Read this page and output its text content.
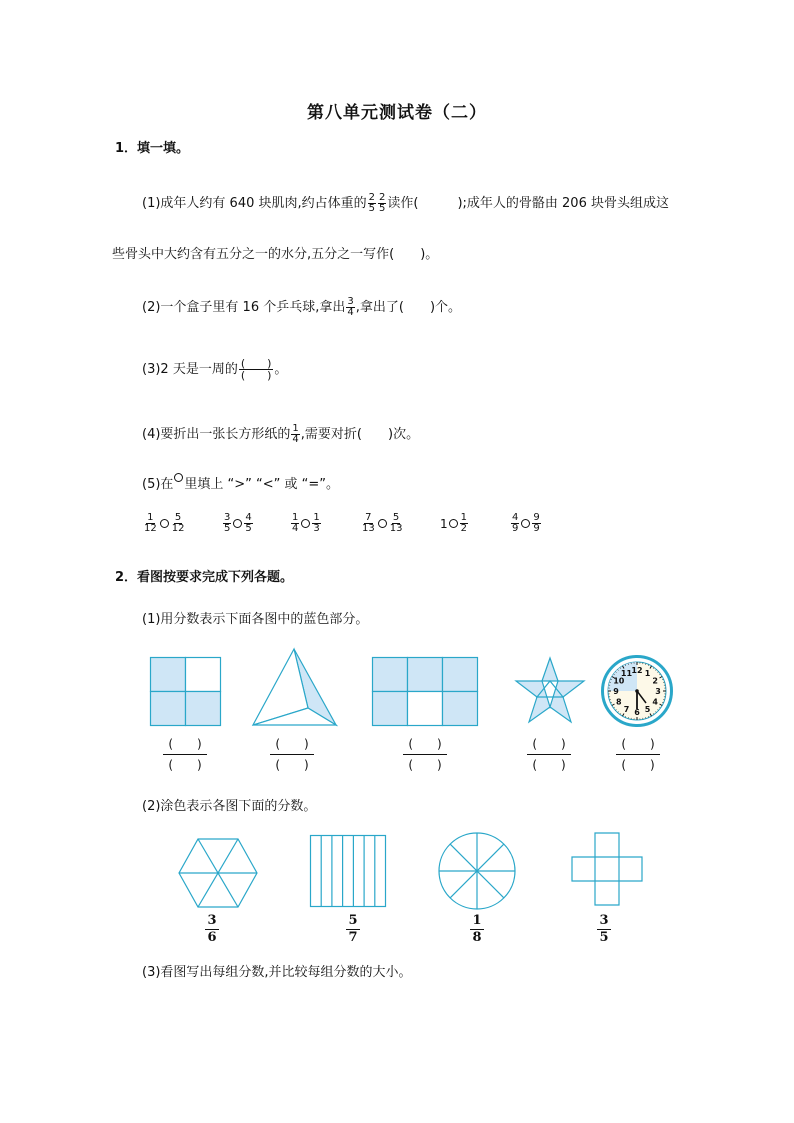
第八单元测试卷（二）
1．填一填。
(1)成年人约有 640 块肌肉,约占体重的 $\frac{2}{5} \frac{2}{5}$ 读作(　　　);成年人的骨骼由 206 块骨头组成这
些骨头中大约含有五分之一的水分,五分之一写作(　　)。
(2)一个盒子里有 16 个乒乓球,拿出 $\frac{3}{4}$ ,拿出了(　　)个。
(3)2 天是一周的 $\frac{( )}{( )}$ 。
(4)要折出一张长方形纸的 $\frac{1}{4}$ ,需要对折(　　)次。
(5)在 里填上 “>” “<” 或 “=”。
$\frac{1}{12} \frac{5}{12}$	$\frac{3}{5} \frac{4}{5}$	$\frac{1}{4} \frac{1}{3}$	$\frac{7}{13} \frac{5}{13}$	$1 \frac{1}{2}$	$\frac{4}{9} \frac{9}{9}$
2．看图按要求完成下列各题。
(1)用分数表示下面各图中的蓝色部分。
12 1
2
3
4
5
6
7
8
9
10
11
(　　)
(　　)
(　　)
(　　)
(　　)
(　　)
(　　)
(　　)
(　　)
(　　)
(2)涂色表示各图下面的分数。
$\frac{3}{6}$	$\frac{5}{7}$	$\frac{1}{8}$	$\frac{3}{5}$
(3)看图写出每组分数,并比较每组分数的大小。
